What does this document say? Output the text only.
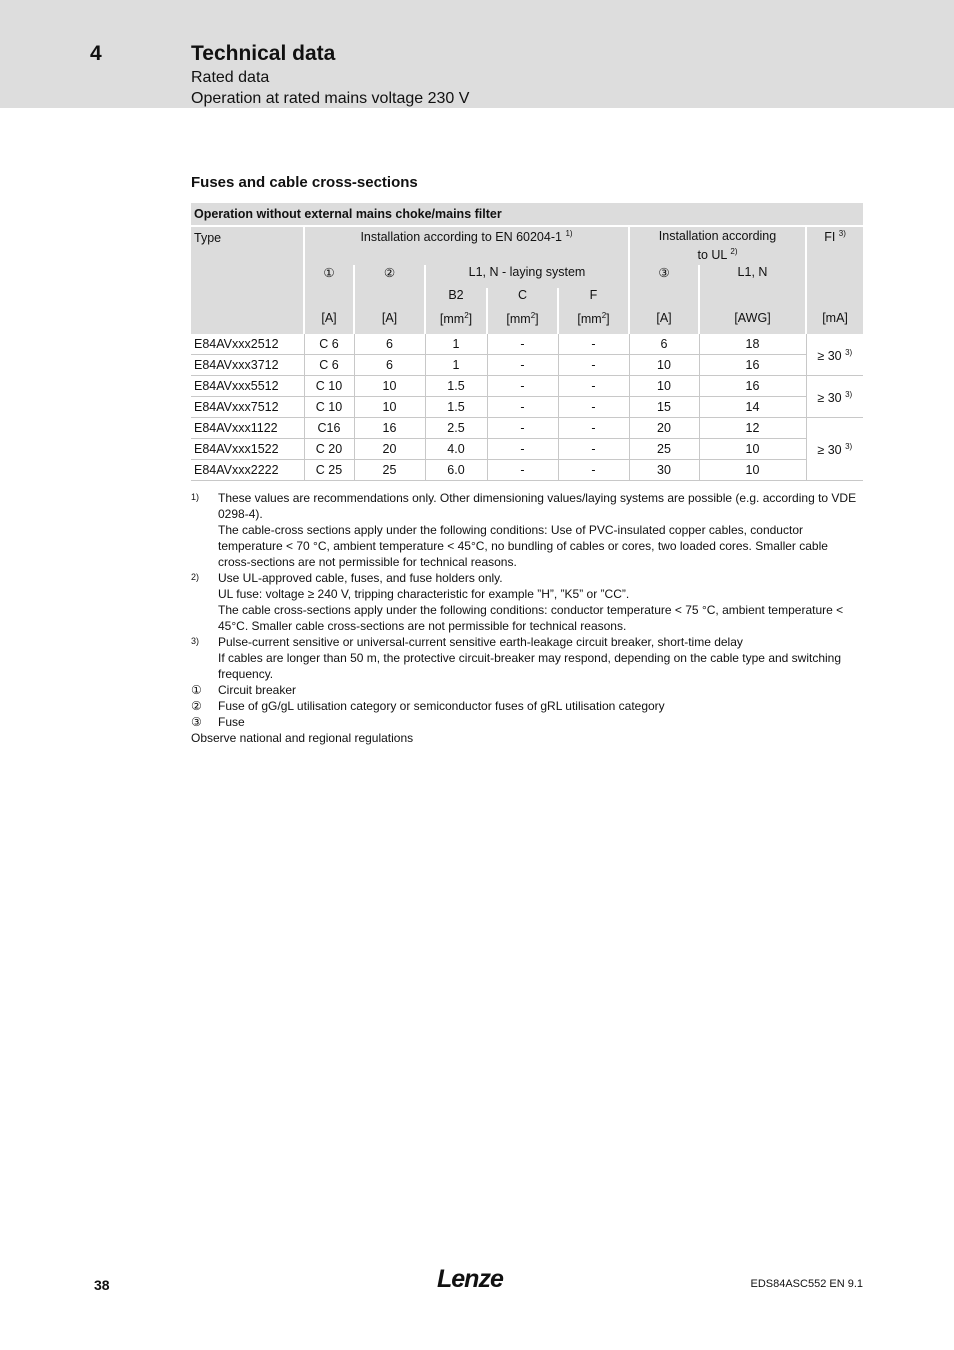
4	Technical data
Rated data
Operation at rated mains voltage 230 V
Fuses and cable cross-sections
Operation without external mains choke/mains filter								
Type	Installation according to EN 60204-1 $^{1)}$					Installation according
to UL $^{2)}$		FI $^{3)}$
	①	②	L1, N - laying system			③	L1, N	
			B2	C	F			
	[A]	[A]	$[mm^2]$	$[mm^2]$	$[mm^2]$	[A]	[AWG]	[mA]
E84AVxxx2512	C 6	6	1	-	-	6	18	≥ 30 $^{3)}$
E84AVxxx3712	C 6	6	1	-	-	10	16	
E84AVxxx5512	C 10	10	1.5	-	-	10	16	≥ 30 $^{3)}$
E84AVxxx7512	C 10	10	1.5	-	-	15	14	
E84AVxxx1122	C16	16	2.5	-	-	20	12	≥ 30 $^{3)}$
E84AVxxx1522	C 20	20	4.0	-	-	25	10	
E84AVxxx2222	C 25	25	6.0	-	-	30	10	
1)	These values are recommendations only. Other dimensioning values/laying systems are possible (e.g. according to VDE 0298-4).
The cable-cross sections apply under the following conditions: Use of PVC-insulated copper cables, conductor temperature < 70 °C, ambient temperature < 45°C, no bundling of cables or cores, two loaded cores. Smaller cable cross-sections are not permissible for technical reasons.
2)	Use UL-approved cable, fuses, and fuse holders only.
UL fuse: voltage ≥ 240 V, tripping characteristic for example ”H”, ”K5” or ”CC”.
The cable cross-sections apply under the following conditions: conductor temperature < 75 °C, ambient temperature < 45°C. Smaller cable cross-sections are not permissible for technical reasons.
3)	Pulse-current sensitive or universal-current sensitive earth-leakage circuit breaker, short-time delay
If cables are longer than 50 m, the protective circuit-breaker may respond, depending on the cable type and switching frequency.
①	Circuit breaker
②	Fuse of gG/gL utilisation category or semiconductor fuses of gRL utilisation category
③	Fuse
Observe national and regional regulations
38	Lenze	EDS84ASC552 EN 9.1
